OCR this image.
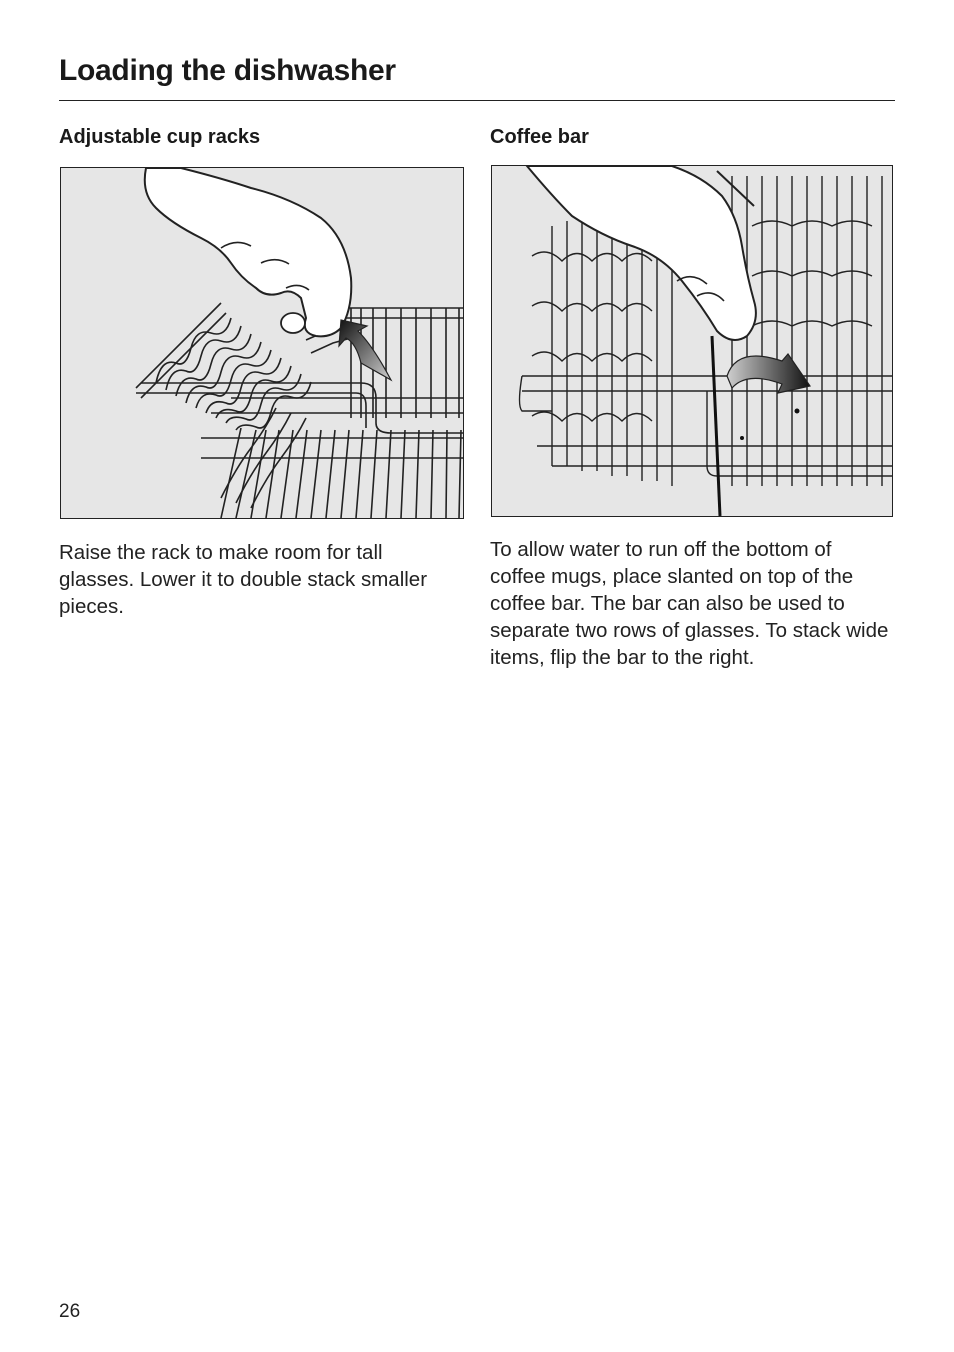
Loading the dishwasher
Adjustable cup racks	Coffee bar

Raise the rack to make room for tall glasses. Lower it to double stack smaller pieces.

To allow water to run off the bottom of coffee mugs, place slanted on top of the coffee bar. The bar can also be used to separate two rows of glasses. To stack wide items, flip the bar to the right.

26
